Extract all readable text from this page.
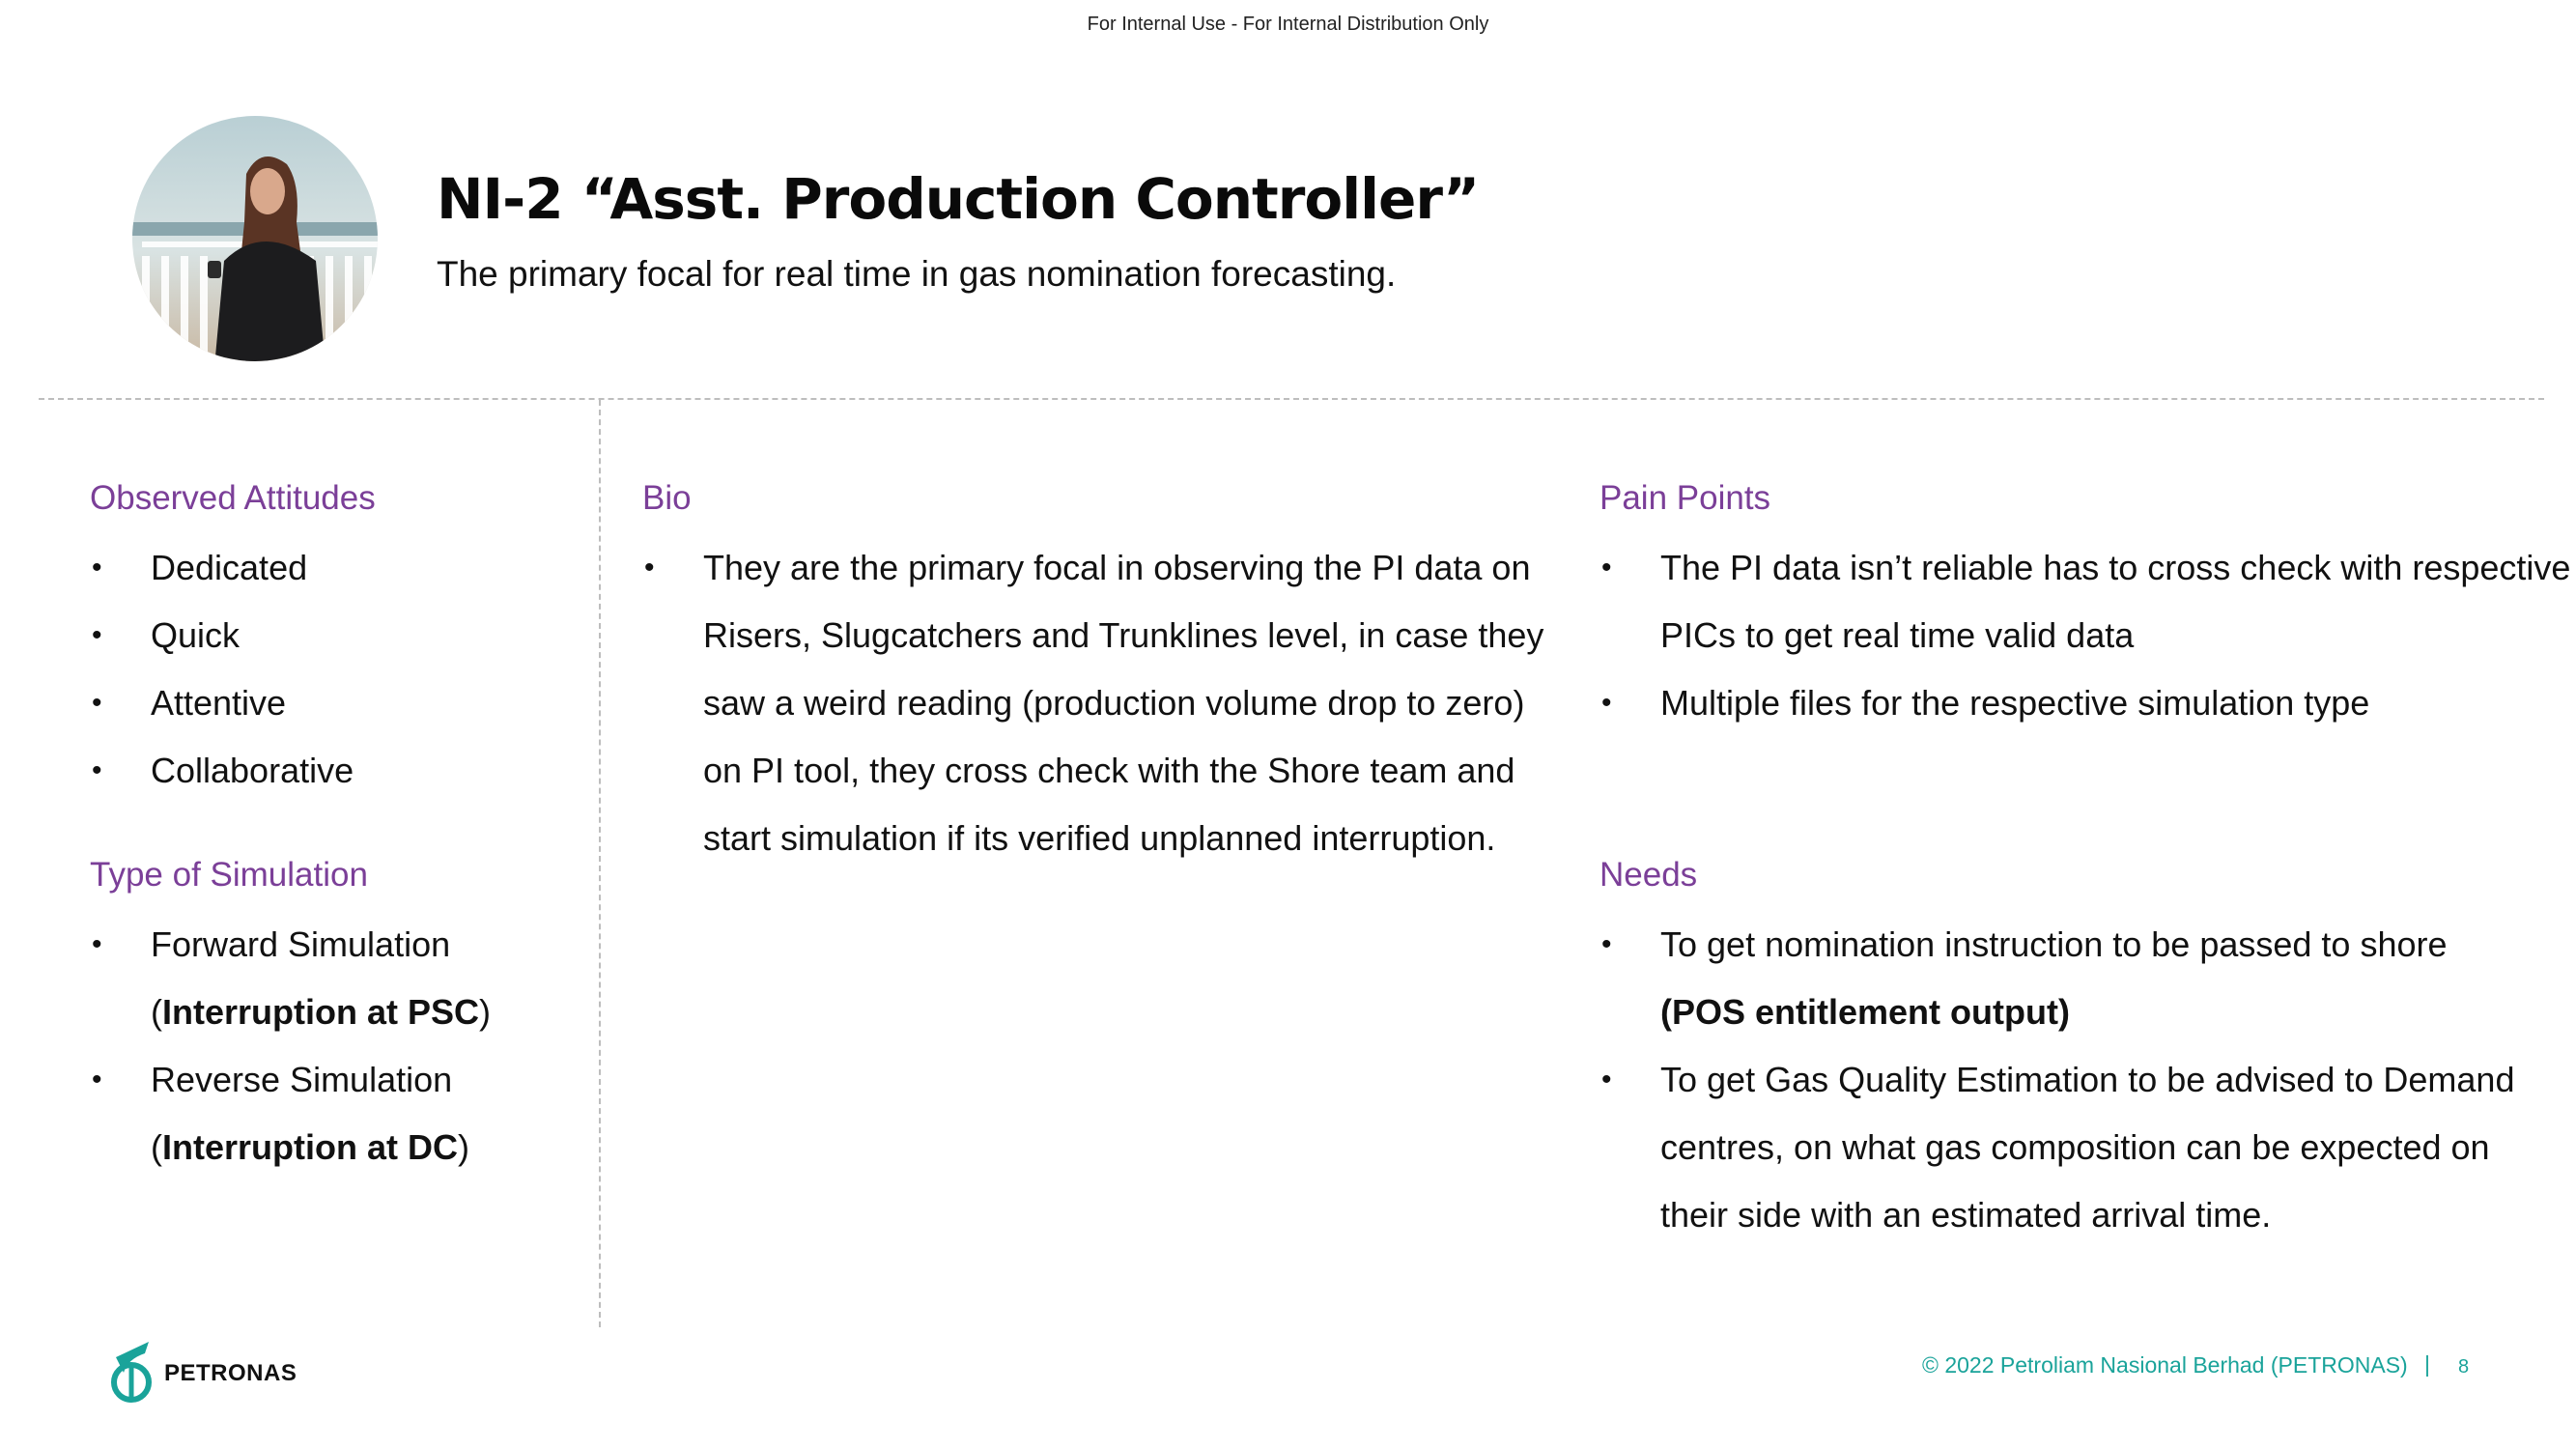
For Internal Use - For Internal Distribution Only
NI-2 “Asst. Production Controller”
The primary focal for real time in gas nomination forecasting.
Observed Attitudes
• Dedicated
• Quick
• Attentive
• Collaborative
Type of Simulation
• Forward Simulation
(Interruption at PSC)
• Reverse Simulation
(Interruption at DC)
Bio
• They are the primary focal in observing the PI data on
Risers, Slugcatchers and Trunklines level, in case they
saw a weird reading (production volume drop to zero)
on PI tool, they cross check with the Shore team and
start simulation if its verified unplanned interruption.
Pain Points
• The PI data isn’t reliable has to cross check with respective
PICs to get real time valid data
• Multiple files for the respective simulation type
Needs
• To get nomination instruction to be passed to shore
(POS entitlement output)
• To get Gas Quality Estimation to be advised to Demand
centres, on what gas composition can be expected on
their side with an estimated arrival time.
PETRONAS	© 2022 Petroliam Nasional Berhad (PETRONAS) | 8
